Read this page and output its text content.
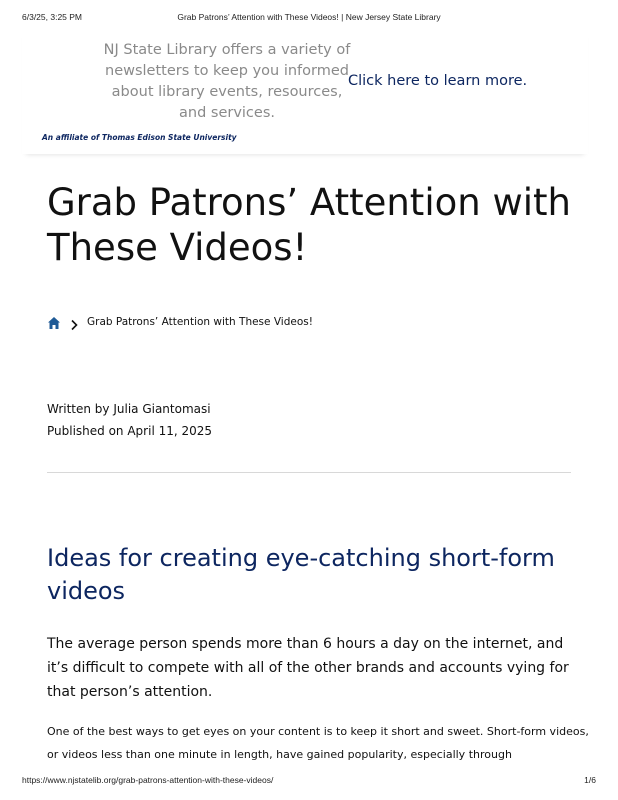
6/3/25, 3:25 PM	Grab Patrons’ Attention with These Videos! | New Jersey State Library
NJ State Library offers a variety of newsletters to keep you informed about library events, resources, and services.
Click here to learn more.
An affiliate of Thomas Edison State University
Grab Patrons’ Attention with These Videos!
Grab Patrons’ Attention with These Videos!
Written by Julia Giantomasi
Published on April 11, 2025
Ideas for creating eye-catching short-form videos

The average person spends more than 6 hours a day on the internet, and it’s difficult to compete with all of the other brands and accounts vying for that person’s attention.

One of the best ways to get eyes on your content is to keep it short and sweet. Short-form videos, or videos less than one minute in length, have gained popularity, especially through

https://www.njstatelib.org/grab-patrons-attention-with-these-videos/	1/6
